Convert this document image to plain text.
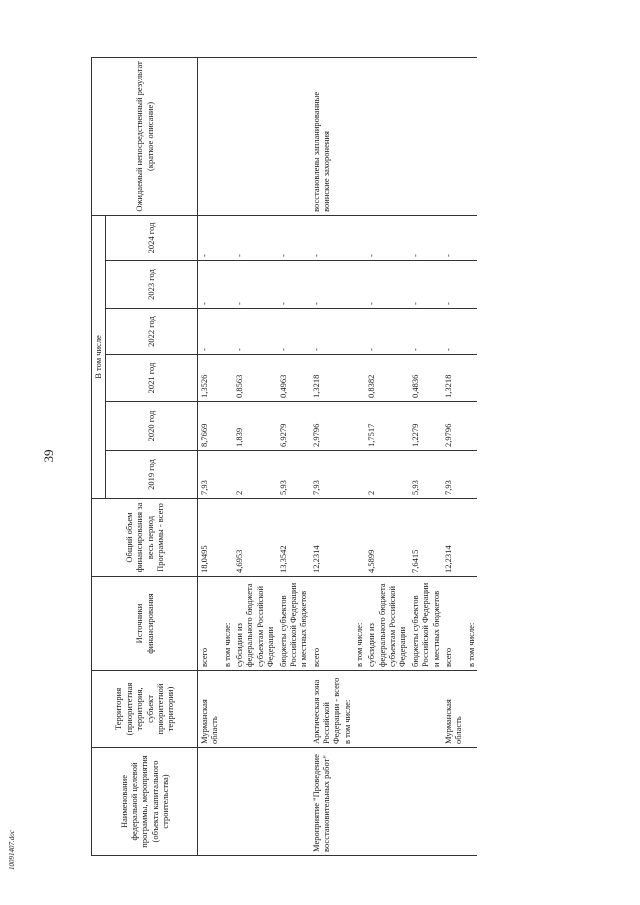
39
10091407.doc
Наименование федеральной целевой программы, мероприятия (объекта капитального строительства)	Территория (приоритетная территория, субъект приоритетной территории)	Источники финансирования	Общий объем финансирования за весь период Программы - всего	В том числе						Ожидаемый непосредственный результат (краткое описание)
				2019 год	2020 год	2021 год	2022 год	2023 год	2024 год	
	Мурманская область	всего	18,0495	7,93	8,7669	1,3526	-	-	-	
		в том числе:								
		субсидии из федерального бюджета субъектам Российской Федерации	4,6953	2	1,839	0,8563	-	-	-	
		бюджеты субъектов Российской Федерации и местных бюджетов	13,3542	5,93	6,9279	0,4963	-	-	-	
Мероприятие "Проведение восстановительных работ"	Арктическая зона Российской Федерации - всего в том числе:	всего	12,2314	7,93	2,9796	1,3218	-	-	-	восстановлены запланированные воинские захоронения
		в том числе:								
		субсидии из федерального бюджета субъектам Российской Федерации	4,5899	2	1,7517	0,8382	-	-	-	
		бюджеты субъектов Российской Федерации и местных бюджетов	7,6415	5,93	1,2279	0,4836	-	-	-	
	Мурманская область	всего	12,2314	7,93	2,9796	1,3218	-	-	-	
		в том числе:								
